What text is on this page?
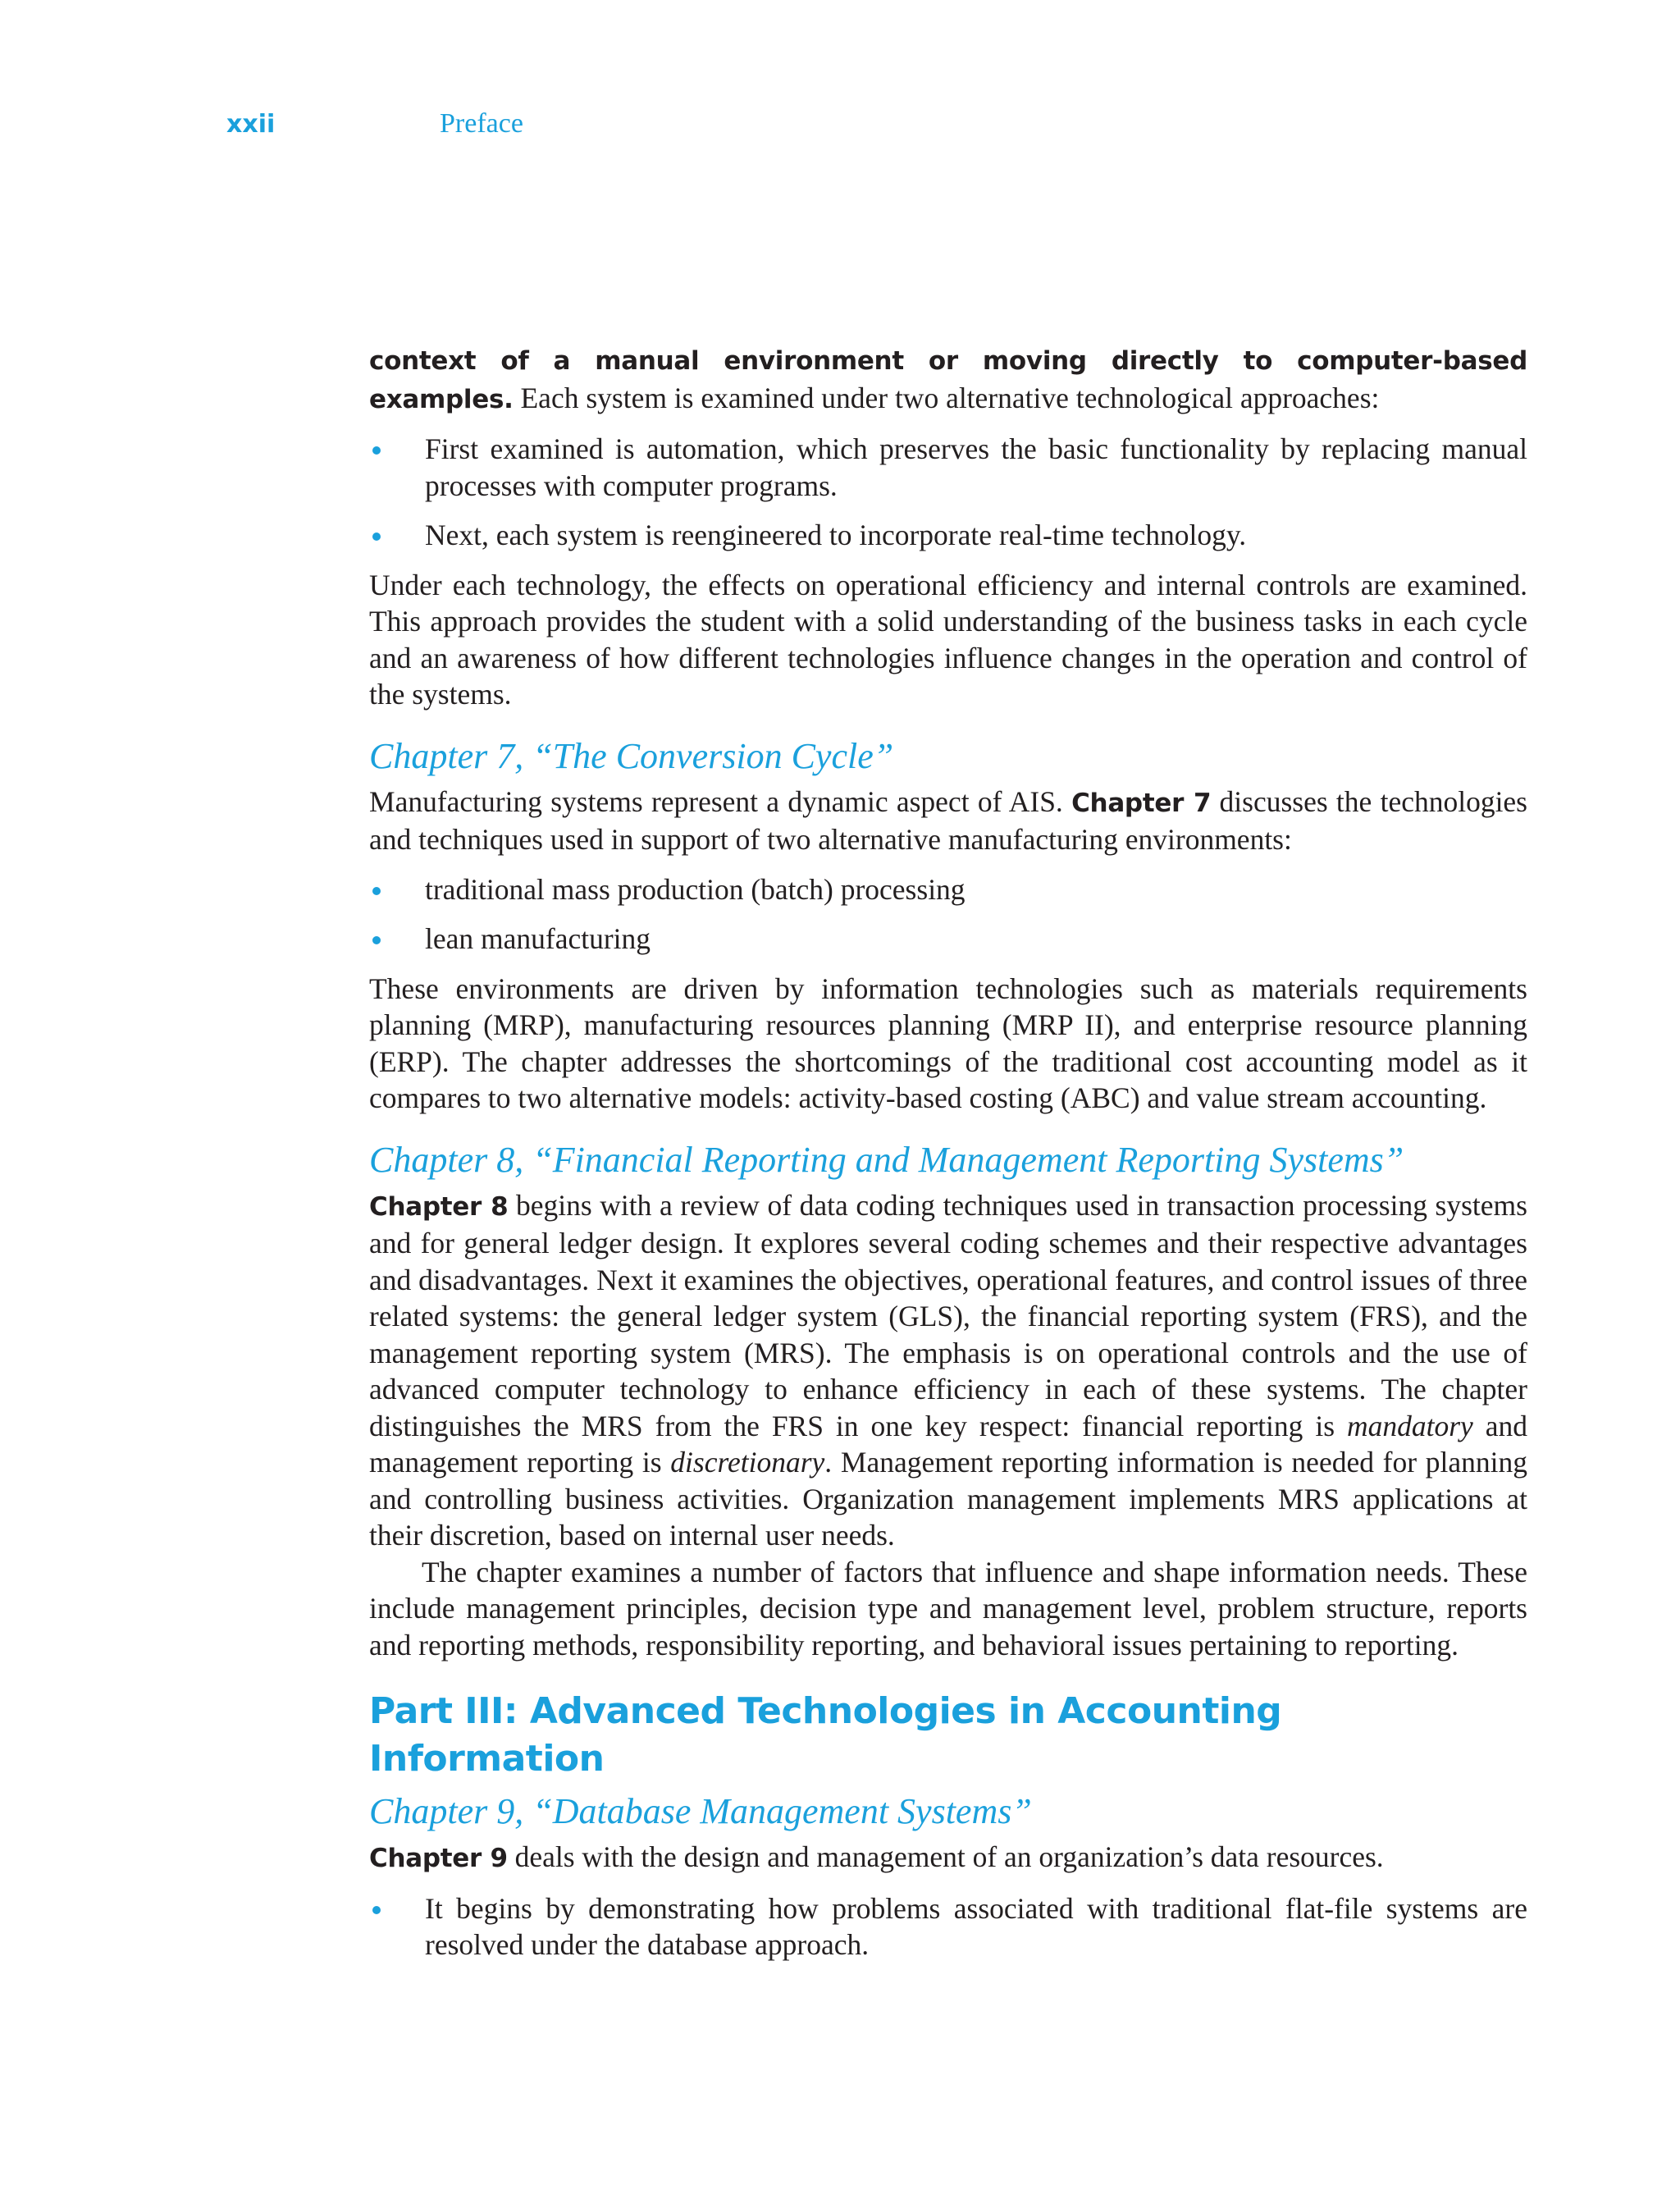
xxii	Preface

context of a manual environment or moving directly to computer-based examples. Each system is examined under two alternative technological approaches:

First examined is automation, which preserves the basic functionality by replacing manual processes with computer programs.
Next, each system is reengineered to incorporate real-time technology.

Under each technology, the effects on operational efficiency and internal controls are examined. This approach provides the student with a solid understanding of the business tasks in each cycle and an awareness of how different technologies influence changes in the operation and control of the systems.

Chapter 7, “The Conversion Cycle”

Manufacturing systems represent a dynamic aspect of AIS. Chapter 7 discusses the technologies and techniques used in support of two alternative manufacturing environments:

traditional mass production (batch) processing
lean manufacturing

These environments are driven by information technologies such as materials requirements planning (MRP), manufacturing resources planning (MRP II), and enterprise resource planning (ERP). The chapter addresses the shortcomings of the traditional cost accounting model as it compares to two alternative models: activity-based costing (ABC) and value stream accounting.

Chapter 8, “Financial Reporting and Management Reporting Systems”

Chapter 8 begins with a review of data coding techniques used in transaction processing systems and for general ledger design. It explores several coding schemes and their respective advantages and disadvantages. Next it examines the objectives, operational features, and control issues of three related systems: the general ledger system (GLS), the financial reporting system (FRS), and the management reporting system (MRS). The emphasis is on operational controls and the use of advanced computer technology to enhance efficiency in each of these systems. The chapter distinguishes the MRS from the FRS in one key respect: financial reporting is mandatory and management reporting is discretionary. Management reporting information is needed for planning and controlling business activities. Organization management implements MRS applications at their discretion, based on internal user needs.

The chapter examines a number of factors that influence and shape information needs. These include management principles, decision type and management level, problem structure, reports and reporting methods, responsibility reporting, and behavioral issues pertaining to reporting.

Part III: Advanced Technologies in Accounting Information
Chapter 9, “Database Management Systems”

Chapter 9 deals with the design and management of an organization’s data resources.

It begins by demonstrating how problems associated with traditional flat-file systems are resolved under the database approach.
